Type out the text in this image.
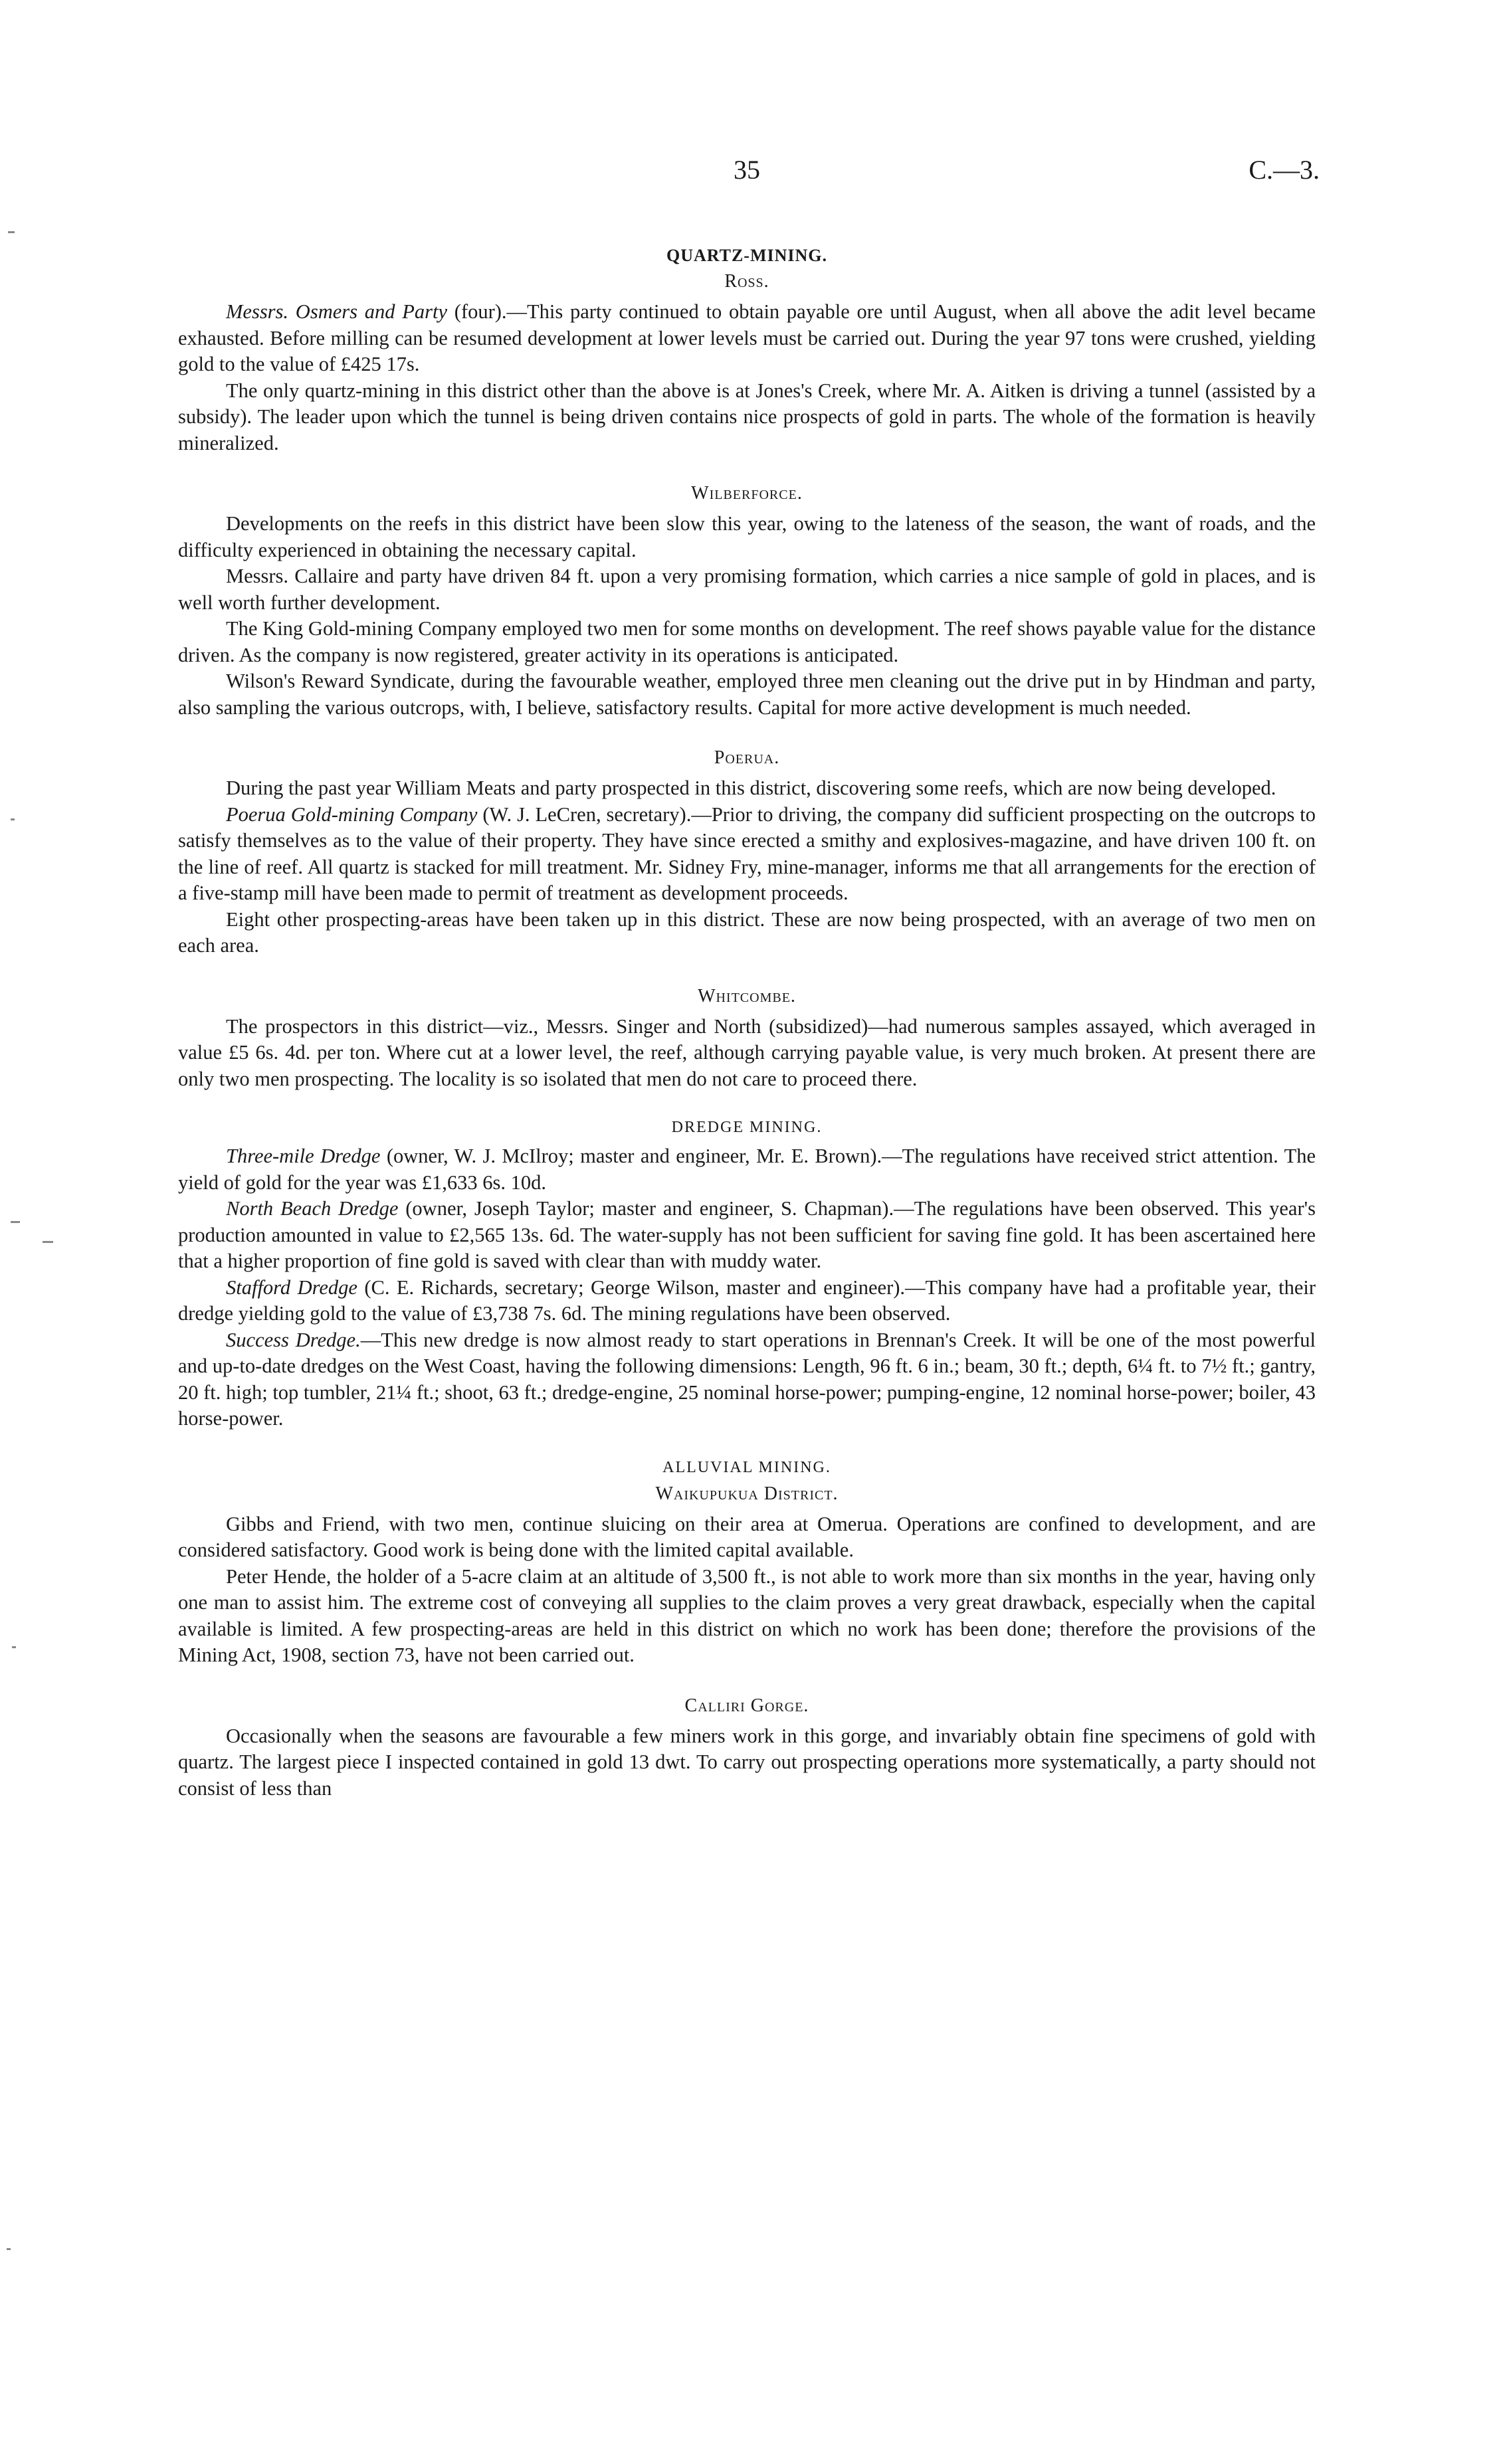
35	C.—3.
QUARTZ-MINING.
Ross.

Messrs. Osmers and Party (four).—This party continued to obtain payable ore until August, when all above the adit level became exhausted. Before milling can be resumed development at lower levels must be carried out. During the year 97 tons were crushed, yielding gold to the value of £425 17s.

The only quartz-mining in this district other than the above is at Jones's Creek, where Mr. A. Aitken is driving a tunnel (assisted by a subsidy). The leader upon which the tunnel is being driven contains nice prospects of gold in parts. The whole of the formation is heavily mineralized.

Wilberforce.

Developments on the reefs in this district have been slow this year, owing to the lateness of the season, the want of roads, and the difficulty experienced in obtaining the necessary capital.

Messrs. Callaire and party have driven 84 ft. upon a very promising formation, which carries a nice sample of gold in places, and is well worth further development.

The King Gold-mining Company employed two men for some months on development. The reef shows payable value for the distance driven. As the company is now registered, greater activity in its operations is anticipated.

Wilson's Reward Syndicate, during the favourable weather, employed three men cleaning out the drive put in by Hindman and party, also sampling the various outcrops, with, I believe, satisfactory results. Capital for more active development is much needed.

Poerua.

During the past year William Meats and party prospected in this district, discovering some reefs, which are now being developed.

Poerua Gold-mining Company (W. J. LeCren, secretary).—Prior to driving, the company did sufficient prospecting on the outcrops to satisfy themselves as to the value of their property. They have since erected a smithy and explosives-magazine, and have driven 100 ft. on the line of reef. All quartz is stacked for mill treatment. Mr. Sidney Fry, mine-manager, informs me that all arrangements for the erection of a five-stamp mill have been made to permit of treatment as development proceeds.

Eight other prospecting-areas have been taken up in this district. These are now being prospected, with an average of two men on each area.

Whitcombe.

The prospectors in this district—viz., Messrs. Singer and North (subsidized)—had numerous samples assayed, which averaged in value £5 6s. 4d. per ton. Where cut at a lower level, the reef, although carrying payable value, is very much broken. At present there are only two men prospecting. The locality is so isolated that men do not care to proceed there.

DREDGE MINING.

Three-mile Dredge (owner, W. J. McIlroy; master and engineer, Mr. E. Brown).—The regulations have received strict attention. The yield of gold for the year was £1,633 6s. 10d.

North Beach Dredge (owner, Joseph Taylor; master and engineer, S. Chapman).—The regulations have been observed. This year's production amounted in value to £2,565 13s. 6d. The water-supply has not been sufficient for saving fine gold. It has been ascertained here that a higher proportion of fine gold is saved with clear than with muddy water.

Stafford Dredge (C. E. Richards, secretary; George Wilson, master and engineer).—This company have had a profitable year, their dredge yielding gold to the value of £3,738 7s. 6d. The mining regulations have been observed.

Success Dredge.—This new dredge is now almost ready to start operations in Brennan's Creek. It will be one of the most powerful and up-to-date dredges on the West Coast, having the following dimensions: Length, 96 ft. 6 in.; beam, 30 ft.; depth, 6¼ ft. to 7½ ft.; gantry, 20 ft. high; top tumbler, 21¼ ft.; shoot, 63 ft.; dredge-engine, 25 nominal horse-power; pumping-engine, 12 nominal horse-power; boiler, 43 horse-power.

ALLUVIAL MINING.
Waikupukua District.

Gibbs and Friend, with two men, continue sluicing on their area at Omerua. Operations are confined to development, and are considered satisfactory. Good work is being done with the limited capital available.

Peter Hende, the holder of a 5-acre claim at an altitude of 3,500 ft., is not able to work more than six months in the year, having only one man to assist him. The extreme cost of conveying all supplies to the claim proves a very great drawback, especially when the capital available is limited. A few prospecting-areas are held in this district on which no work has been done; therefore the provisions of the Mining Act, 1908, section 73, have not been carried out.

Calliri Gorge.

Occasionally when the seasons are favourable a few miners work in this gorge, and invariably obtain fine specimens of gold with quartz. The largest piece I inspected contained in gold 13 dwt. To carry out prospecting operations more systematically, a party should not consist of less than
